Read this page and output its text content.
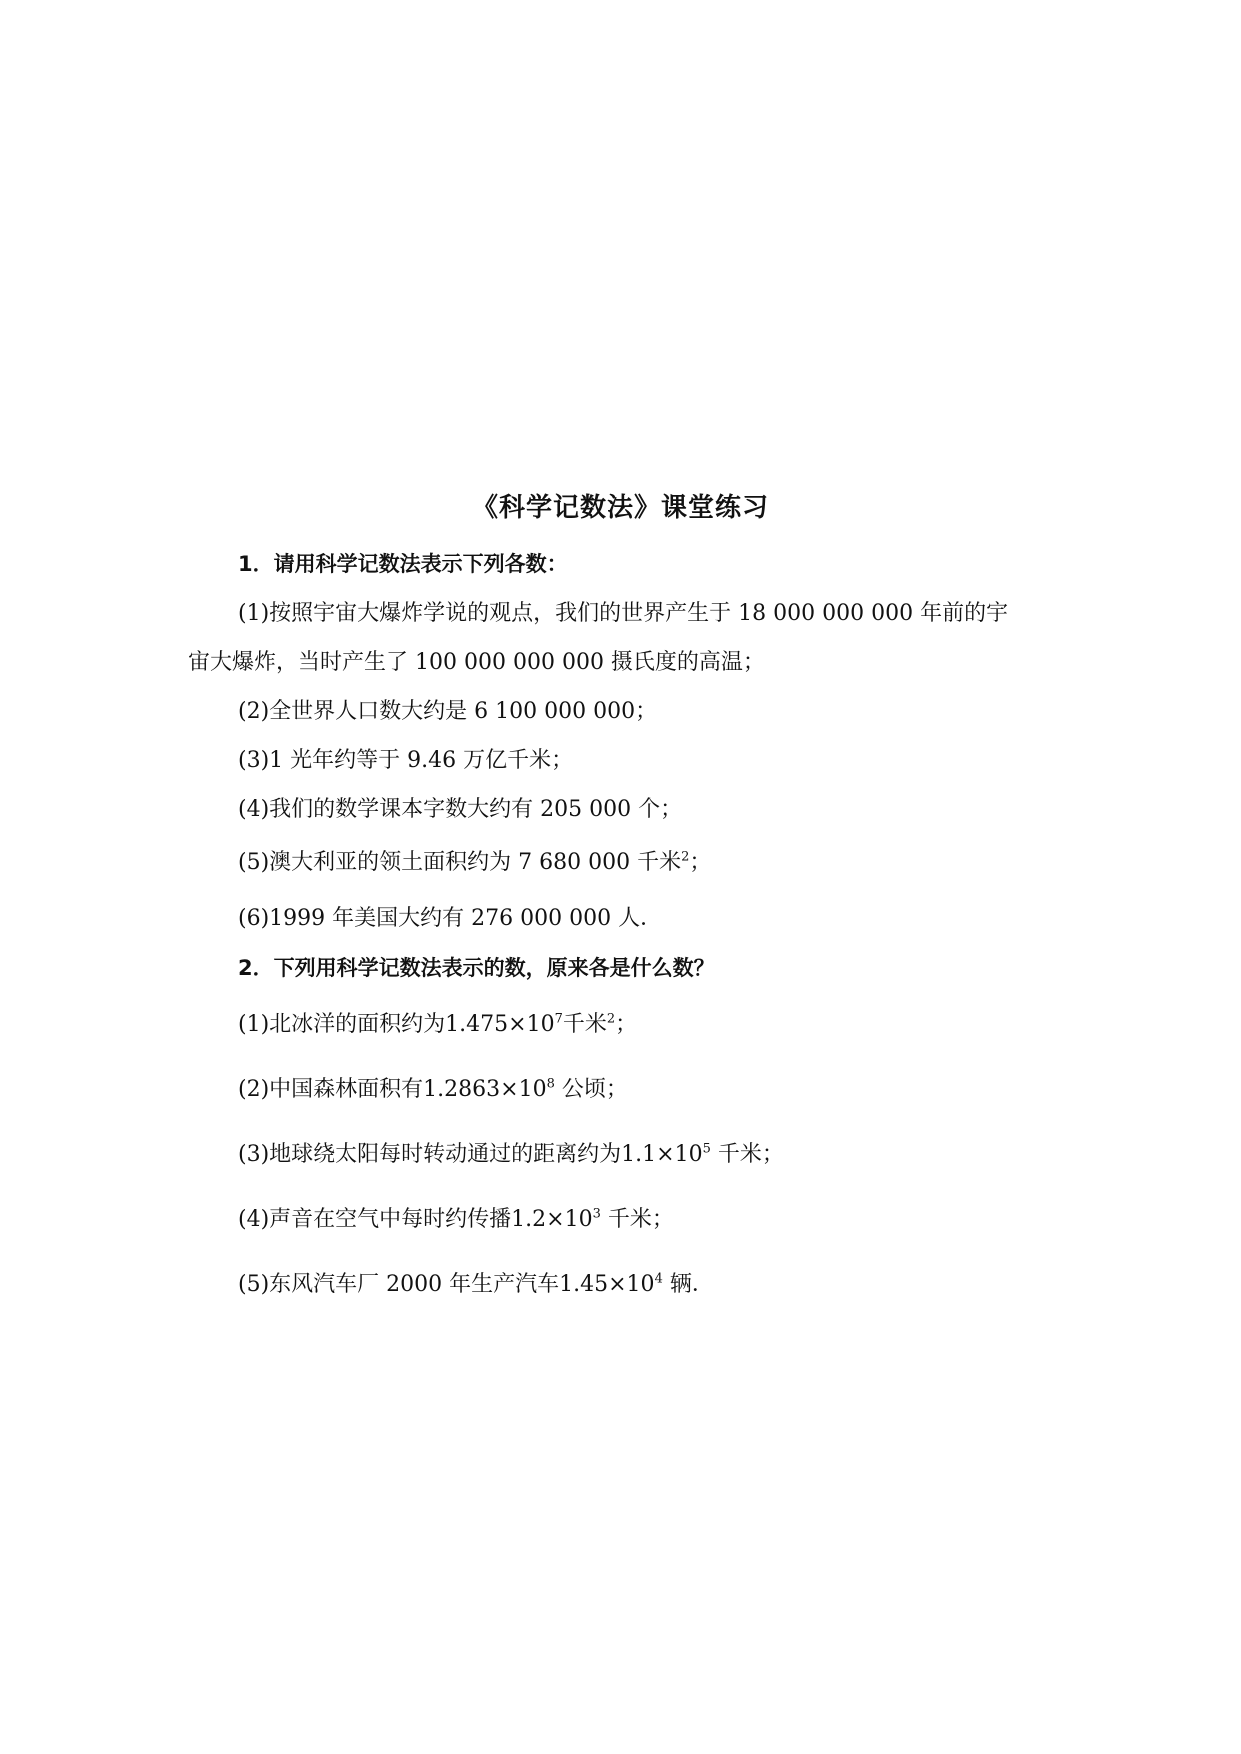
《科学记数法》课堂练习
1．请用科学记数法表示下列各数：
(1)按照宇宙大爆炸学说的观点，我们的世界产生于 18 000 000 000 年前的宇
宙大爆炸，当时产生了 100 000 000 000 摄氏度的高温；
(2)全世界人口数大约是 6 100 000 000；
(3)1 光年约等于 9.46 万亿千米；
(4)我们的数学课本字数大约有 205 000 个；
(5)澳大利亚的领土面积约为 7 680 000 千米$^2$；
(6)1999 年美国大约有 276 000 000 人．
2．下列用科学记数法表示的数，原来各是什么数？
(1)北冰洋的面积约为$1.475\times 10^7$千米$^2$；
(2)中国森林面积有$1.2863\times 10^8$ 公顷；
(3)地球绕太阳每时转动通过的距离约为$1.1\times 10^5$ 千米；
(4)声音在空气中每时约传播$1.2\times 10^3$ 千米；
(5)东风汽车厂 2000 年生产汽车$1.45\times 10^4$ 辆．
